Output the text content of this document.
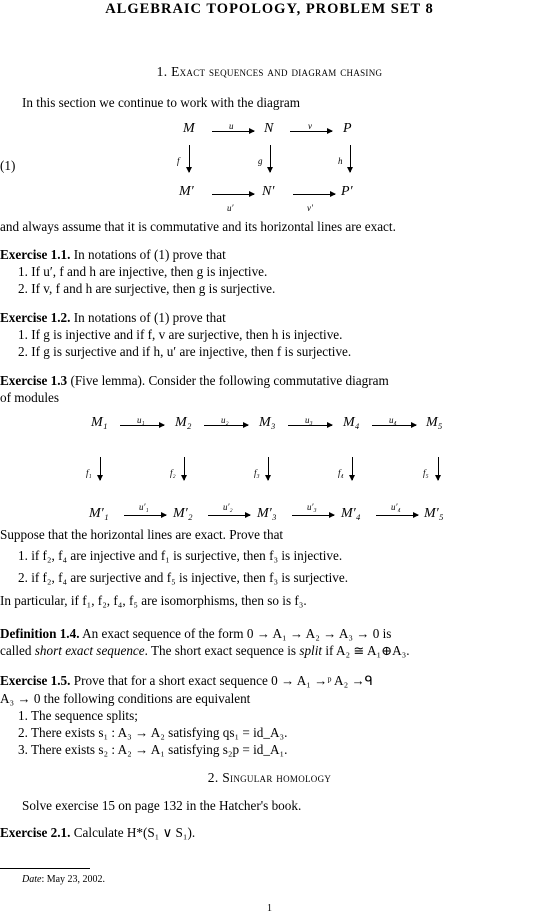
ALGEBRAIC TOPOLOGY, PROBLEM SET 8
1. Exact sequences and diagram chasing
In this section we continue to work with the diagram
(1)
M	N	P
u	v
f	g	h
M′	N′	P′
u′	v′
and always assume that it is commutative and its horizontal lines are exact.
Exercise 1.1. In notations of (1) prove that
1. If u′, f and h are injective, then g is injective.
2. If v, f and h are surjective, then g is surjective.
Exercise 1.2. In notations of (1) prove that
1. If g is injective and if f, v are surjective, then h is injective.
2. If g is surjective and if h, u′ are injective, then f is surjective.
Exercise 1.3 (Five lemma). Consider the following commutative diagram
of modules
M₁	M₂	M₃	M₄	M₅
u₁	u₂	u₃	u₄
f₁	f₂	f₃	f₄	f₅
M′₁	M′₂	M′₃	M′₄	M′₅
u′₁	u′₂	u′₃	u′₄
Suppose that the horizontal lines are exact. Prove that
1. if f₂, f₄ are injective and f₁ is surjective, then f₃ is injective.
2. if f₂, f₄ are surjective and f₅ is injective, then f₃ is surjective.
In particular, if f₁, f₂, f₄, f₅ are isomorphisms, then so is f₃.
Definition 1.4. An exact sequence of the form 0 → A₁ → A₂ → A₃ → 0 is
called short exact sequence. The short exact sequence is split if A₂ ≅ A₁⊕A₃.
Exercise 1.5. Prove that for a short exact sequence 0 → A₁ →ᵖ A₂ →ᑫ
A₃ → 0 the following conditions are equivalent
1. The sequence splits;
2. There exists s₁ : A₃ → A₂ satisfying qs₁ = id_A₃.
3. There exists s₂ : A₂ → A₁ satisfying s₂p = id_A₁.
2. Singular homology
Solve exercise 15 on page 132 in the Hatcher's book.
Exercise 2.1. Calculate H*(S₁ ∨ S₁).
Date: May 23, 2002.
1
